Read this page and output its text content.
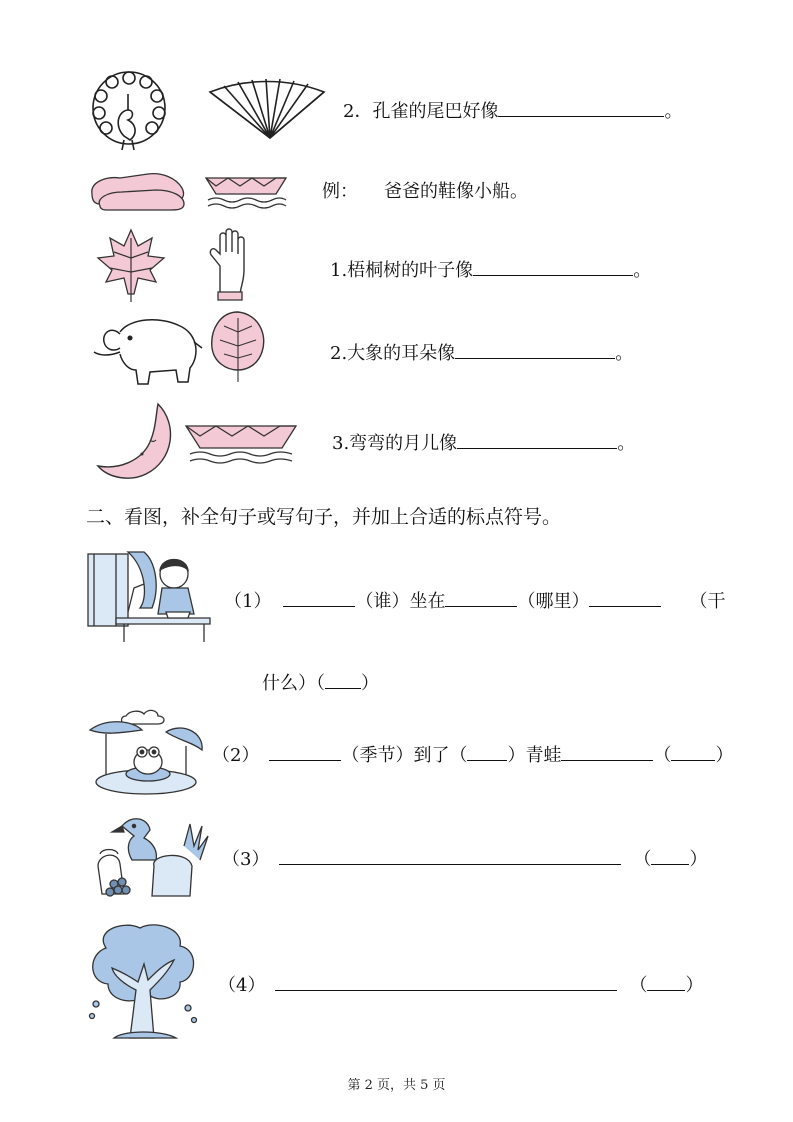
2．孔雀的尾巴好像	。
例： 爸爸的鞋像小船。
1.梧桐树的叶子像	。
2.大象的耳朵像	。
3.弯弯的月儿像	。
二、看图，补全句子或写句子，并加上合适的标点符号。
（1）	（谁）坐在	（哪里）	（干
什么）（ ）
（2）	（季节）到了（ ）青蛙	（ ）
（3）	（ ）
（4）	（ ）
第 2 页，共 5 页
